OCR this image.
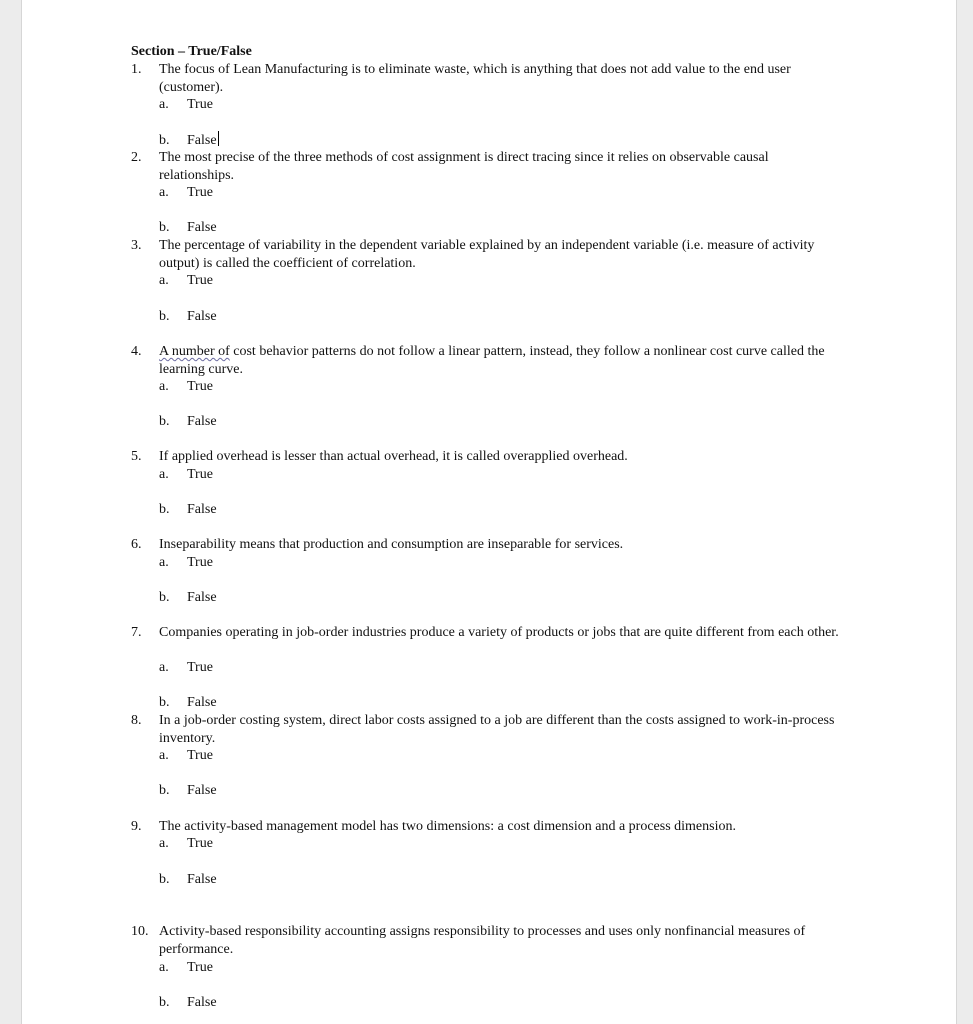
Section – True/False
1.	The focus of Lean Manufacturing is to eliminate waste, which is anything that does not add value to the end user (customer).
a. True
b. False
2.	The most precise of the three methods of cost assignment is direct tracing since it relies on observable causal relationships.
a. True
b. False
3.	The percentage of variability in the dependent variable explained by an independent variable (i.e. measure of activity output) is called the coefficient of correlation.
a. True
b. False
4.	A number of cost behavior patterns do not follow a linear pattern, instead, they follow a nonlinear cost curve called the learning curve.
a. True
b. False
5.	If applied overhead is lesser than actual overhead, it is called overapplied overhead.
a. True
b. False
6.	Inseparability means that production and consumption are inseparable for services.
a. True
b. False
7.	Companies operating in job-order industries produce a variety of products or jobs that are quite different from each other.
a. True
b. False
8.	In a job-order costing system, direct labor costs assigned to a job are different than the costs assigned to work-in-process inventory.
a. True
b. False
9.	The activity-based management model has two dimensions: a cost dimension and a process dimension.
a. True
b. False
10. Activity-based responsibility accounting assigns responsibility to processes and uses only nonfinancial measures of performance.
a. True
b. False
